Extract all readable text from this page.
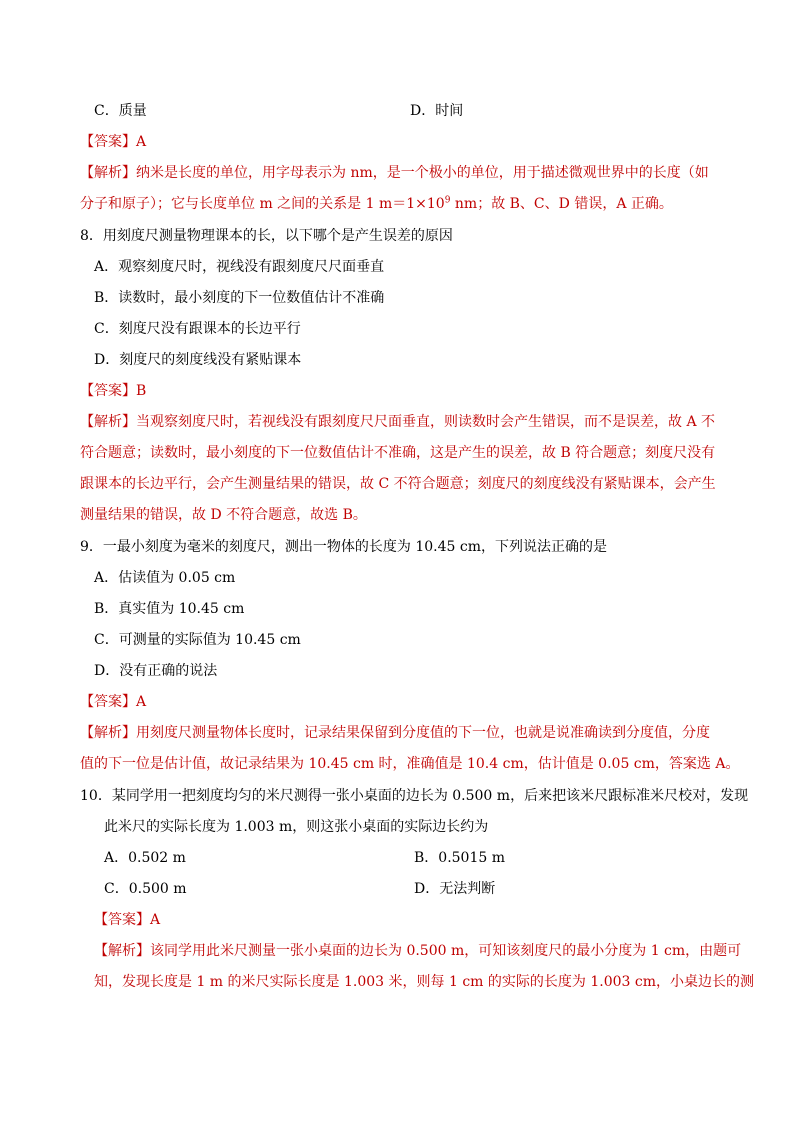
C．质量	D．时间
【答案】A
【解析】纳米是长度的单位，用字母表示为 nm，是一个极小的单位，用于描述微观世界中的长度（如
分子和原子）；它与长度单位 m 之间的关系是 1 $m=1\times 10^9$ nm；故 B、C、D 错误，A 正确。
8．用刻度尺测量物理课本的长，以下哪个是产生误差的原因
A．观察刻度尺时，视线没有跟刻度尺尺面垂直
B．读数时，最小刻度的下一位数值估计不准确
C．刻度尺没有跟课本的长边平行
D．刻度尺的刻度线没有紧贴课本
【答案】B
【解析】当观察刻度尺时，若视线没有跟刻度尺尺面垂直，则读数时会产生错误，而不是误差，故 A 不
符合题意；读数时，最小刻度的下一位数值估计不准确，这是产生的误差，故 B 符合题意；刻度尺没有
跟课本的长边平行，会产生测量结果的错误，故 C 不符合题意；刻度尺的刻度线没有紧贴课本，会产生
测量结果的错误，故 D 不符合题意，故选 B。
9．一最小刻度为毫米的刻度尺，测出一物体的长度为 10.45 cm，下列说法正确的是
A．估读值为 0.05 cm
B．真实值为 10.45 cm
C．可测量的实际值为 10.45 cm
D．没有正确的说法
【答案】A
【解析】用刻度尺测量物体长度时，记录结果保留到分度值的下一位，也就是说准确读到分度值，分度
值的下一位是估计值，故记录结果为 10.45 cm 时，准确值是 10.4 cm，估计值是 0.05 cm，答案选 A。
10．某同学用一把刻度均匀的米尺测得一张小桌面的边长为 0.500 m，后来把该米尺跟标准米尺校对，发现
此米尺的实际长度为 1.003 m，则这张小桌面的实际边长约为
A．0.502 m	B．0.5015 m
C．0.500 m	D．无法判断
【答案】A
【解析】该同学用此米尺测量一张小桌面的边长为 0.500 m，可知该刻度尺的最小分度为 1 cm，由题可
知，发现长度是 1 m 的米尺实际长度是 1.003 米，则每 1 cm 的实际的长度为 1.003 cm，小桌边长的测
